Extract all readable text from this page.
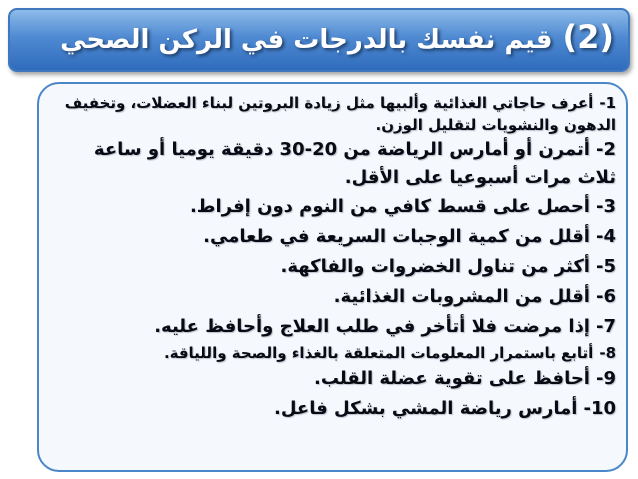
(2)قيم نفسك بالدرجات في الركن الصحي
1-أعرف حاجاتي الغذائية وألبيها مثل زيادة البروتين لبناء العضلات، وتخفيف الدهون والنشويات لتقليل الوزن.
2-أتمرن أو أمارس الرياضة من 20-30 دقيقة يوميا أو ساعة ثلاث مرات أسبوعيا على الأقل.
3-أحصل على قسط كافي من النوم دون إفراط.
4-أقلل من كمية الوجبات السريعة في طعامي.
5-أكثر من تناول الخضروات والفاكهة.
6-أقلل من المشروبات الغذائية.
7-إذا مرضت فلا أتأخر في طلب العلاج وأحافظ عليه.
8-أتابع باستمرار المعلومات المتعلقة بالغذاء والصحة واللياقة.
9-أحافظ على تقوية عضلة القلب.
10-أمارس رياضة المشي بشكل فاعل.
